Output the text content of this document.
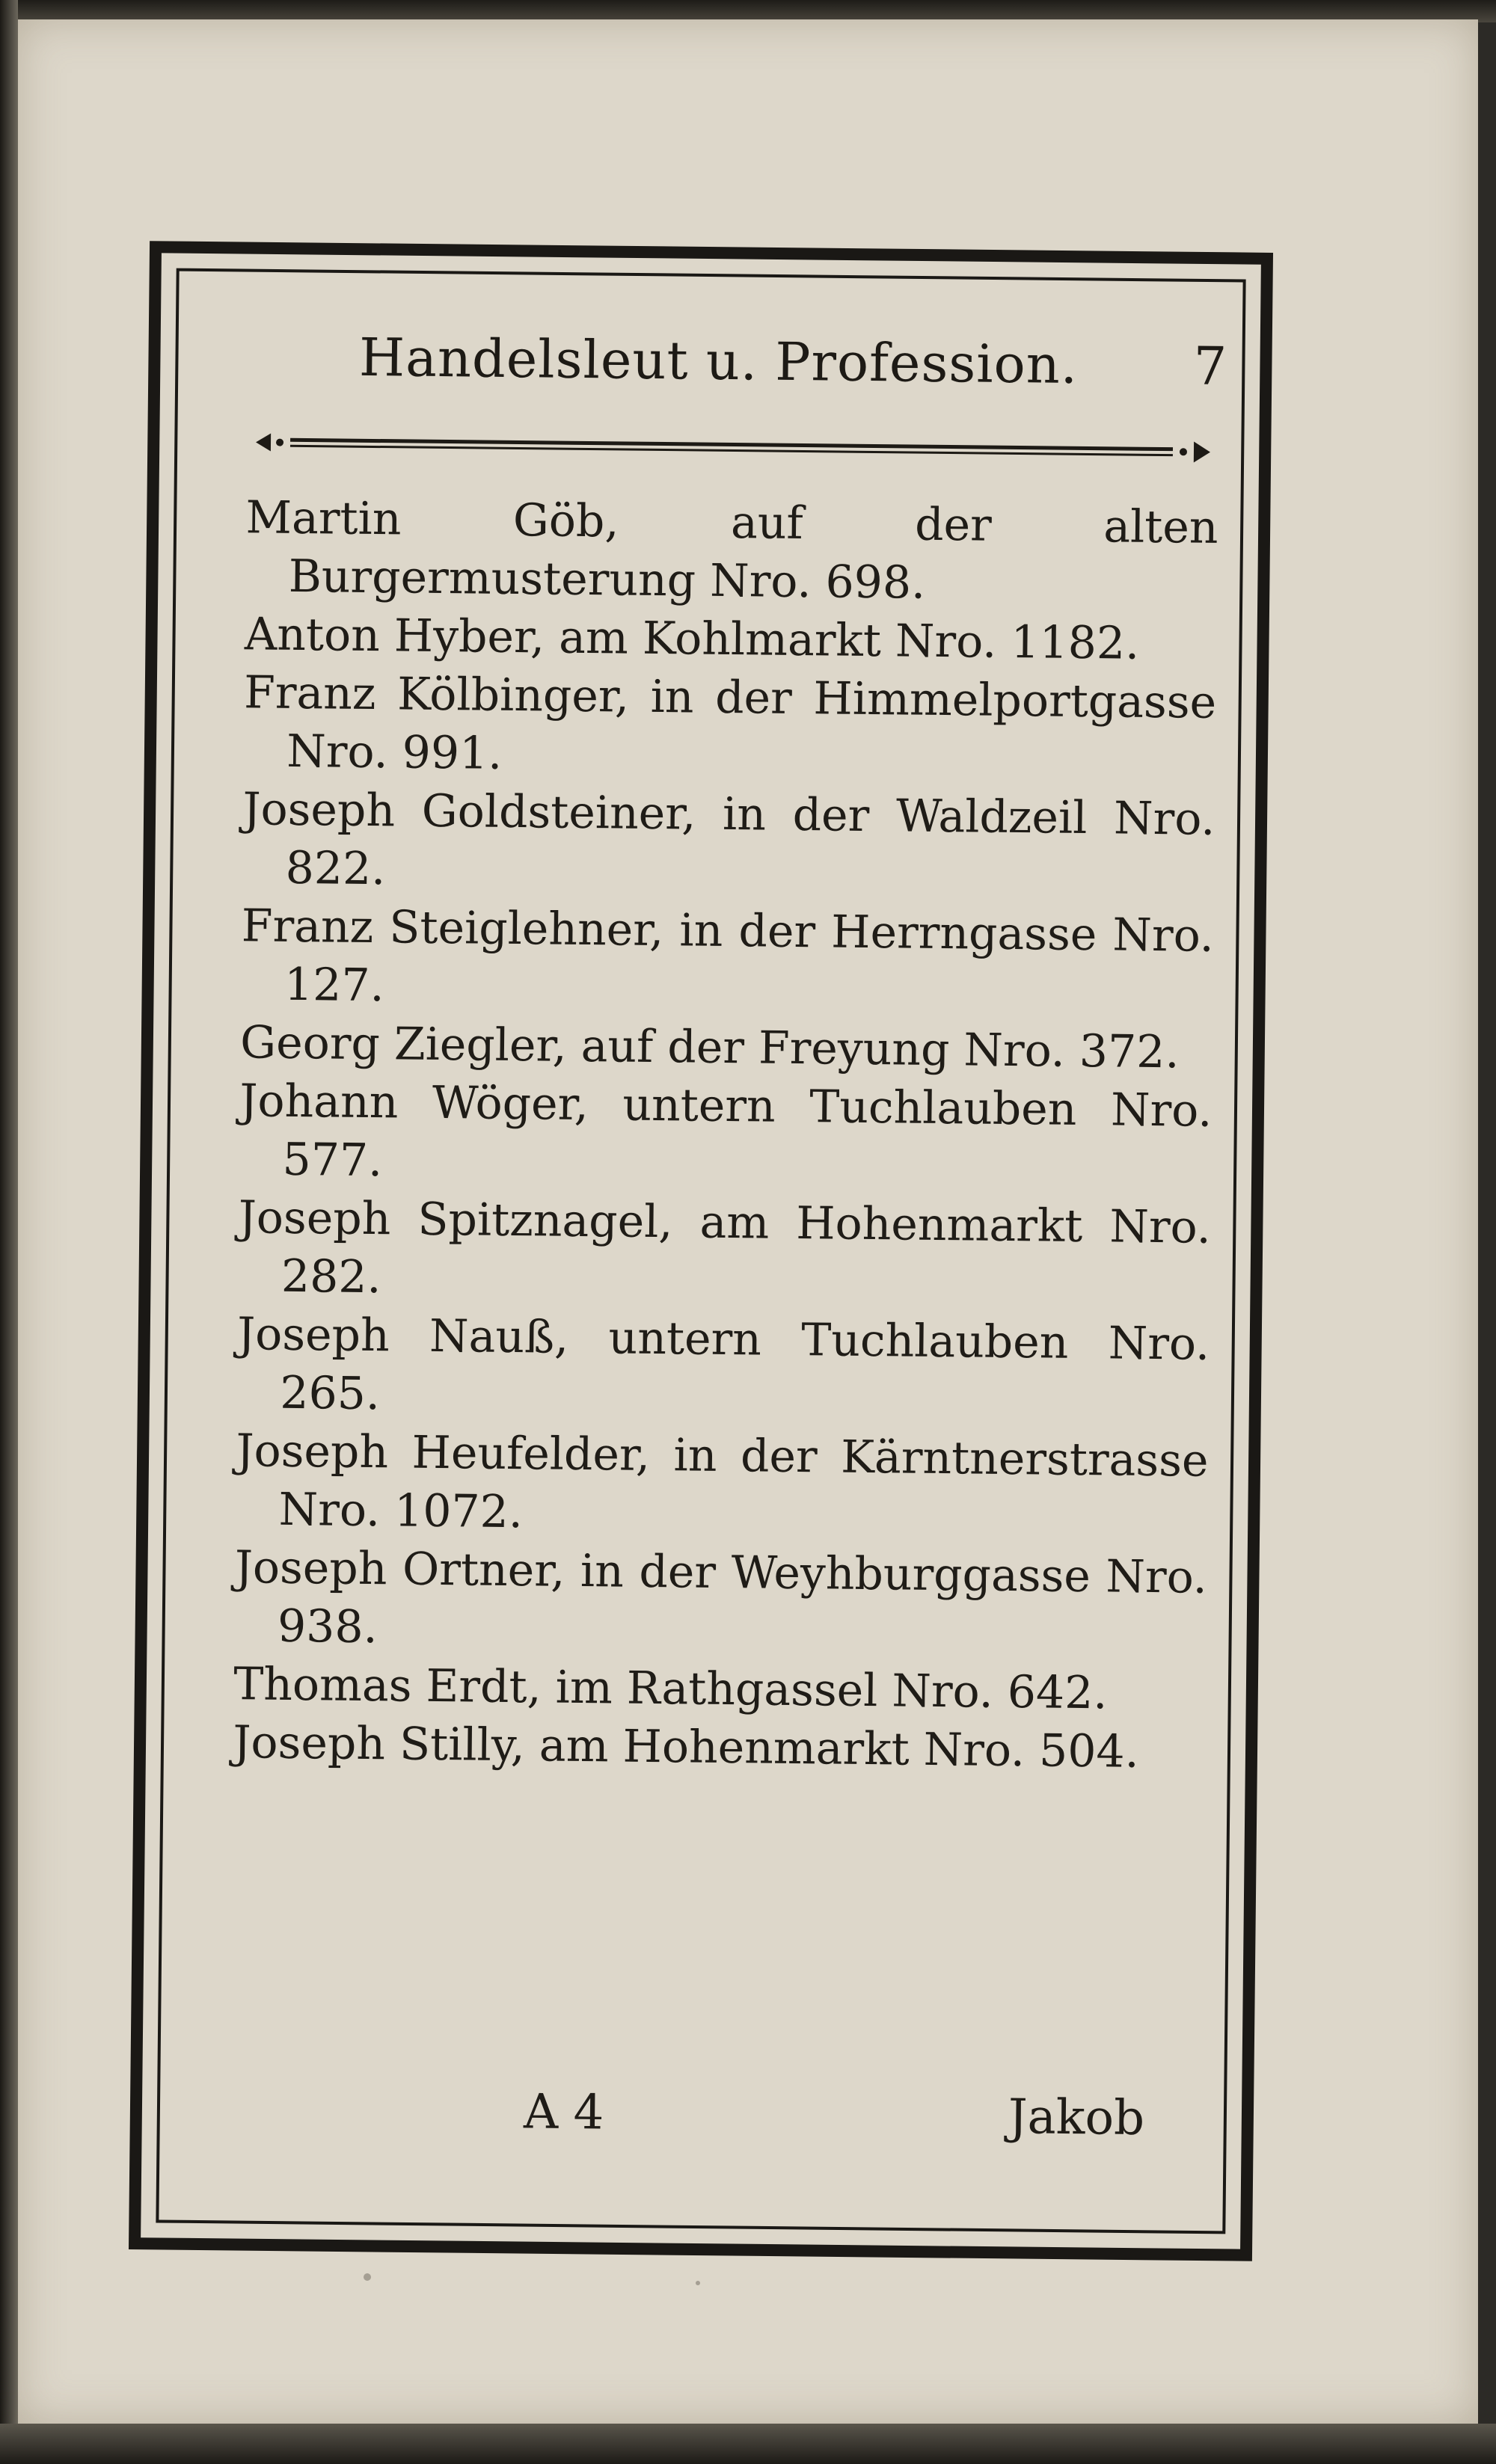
Handelsleut u. Profession. 7

Martin Göb, auf der alten Burgermusterung Nro. 698.

Anton Hyber, am Kohlmarkt Nro. 1182.

Franz Kölbinger, in der Himmelportgasse Nro. 991.

Joseph Goldsteiner, in der Waldzeil Nro. 822.

Franz Steiglehner, in der Herrngasse Nro. 127.

Georg Ziegler, auf der Freyung Nro. 372.

Johann Wöger, untern Tuchlauben Nro. 577.

Joseph Spitznagel, am Hohenmarkt Nro. 282.

Joseph Nauß, untern Tuchlauben Nro. 265.

Joseph Heufelder, in der Kärntnerstrasse Nro. 1072.

Joseph Ortner, in der Weyhburggasse Nro. 938.

Thomas Erdt, im Rathgassel Nro. 642.

Joseph Stilly, am Hohenmarkt Nro. 504.

A 4	Jakob
